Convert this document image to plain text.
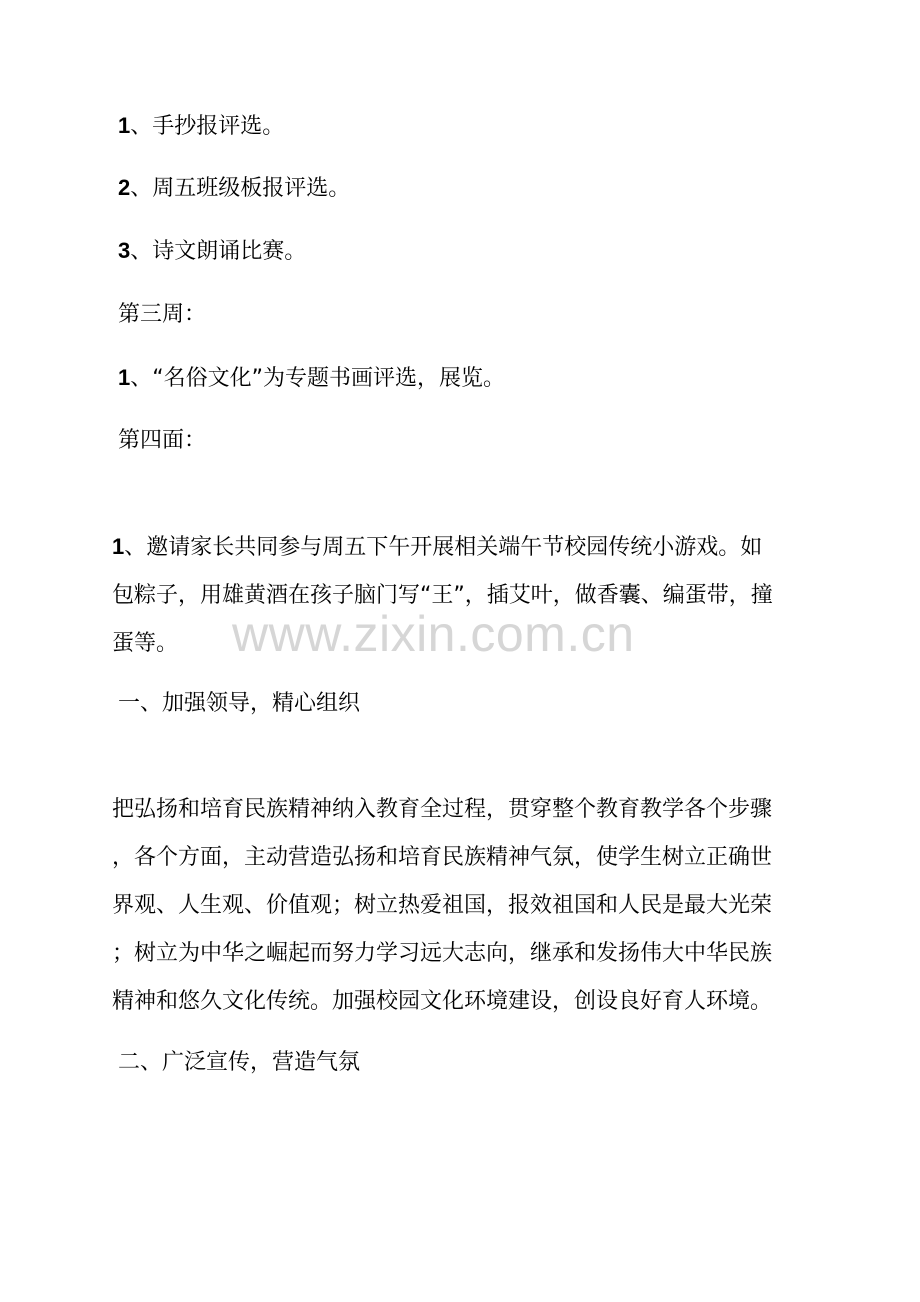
1、手抄报评选。
2、周五班级板报评选。
3、诗文朗诵比赛。
第三周：
1、“名俗文化”为专题书画评选，展览。
第四面：
1、邀请家长共同参与周五下午开展相关端午节校园传统小游戏。如
包粽子，用雄黄酒在孩子脑门写“王”，插艾叶，做香囊、编蛋带，撞
蛋等。	www.zixin.com.cn
一、加强领导，精心组织
把弘扬和培育民族精神纳入教育全过程，贯穿整个教育教学各个步骤
，各个方面，主动营造弘扬和培育民族精神气氛，使学生树立正确世
界观、人生观、价值观；树立热爱祖国，报效祖国和人民是最大光荣
；树立为中华之崛起而努力学习远大志向，继承和发扬伟大中华民族
精神和悠久文化传统。加强校园文化环境建设，创设良好育人环境。
二、广泛宣传，营造气氛
